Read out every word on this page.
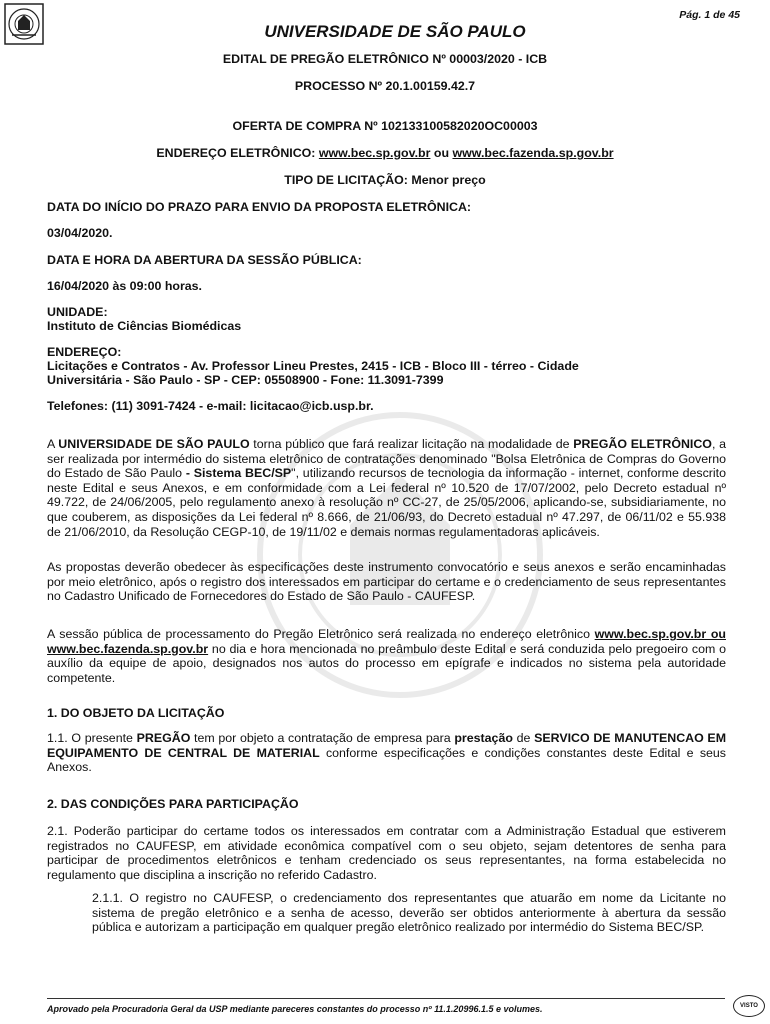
Pág. 1 de 45
UNIVERSIDADE DE SÃO PAULO
EDITAL DE PREGÃO ELETRÔNICO Nº 00003/2020 - ICB
PROCESSO Nº 20.1.00159.42.7
OFERTA DE COMPRA Nº 102133100582020OC00003
ENDEREÇO ELETRÔNICO: www.bec.sp.gov.br ou www.bec.fazenda.sp.gov.br
TIPO DE LICITAÇÃO: Menor preço
DATA DO INÍCIO DO PRAZO PARA ENVIO DA PROPOSTA ELETRÔNICA:
03/04/2020.
DATA E HORA DA ABERTURA DA SESSÃO PÚBLICA:
16/04/2020 às 09:00 horas.
UNIDADE:
Instituto de Ciências Biomédicas
ENDEREÇO:
Licitações e Contratos - Av. Professor Lineu Prestes, 2415 - ICB - Bloco III - térreo - Cidade
Universitária - São Paulo - SP - CEP: 05508900 - Fone: 11.3091-7399
Telefones: (11) 3091-7424 - e-mail: licitacao@icb.usp.br.

A UNIVERSIDADE DE SÃO PAULO torna público que fará realizar licitação na modalidade de PREGÃO ELETRÔNICO, a ser realizada por intermédio do sistema eletrônico de contratações denominado "Bolsa Eletrônica de Compras do Governo do Estado de São Paulo - Sistema BEC/SP", utilizando recursos de tecnologia da informação - internet, conforme descrito neste Edital e seus Anexos, e em conformidade com a Lei federal nº 10.520 de 17/07/2002, pelo Decreto estadual nº 49.722, de 24/06/2005, pelo regulamento anexo à resolução nº CC-27, de 25/05/2006, aplicando-se, subsidiariamente, no que couberem, as disposições da Lei federal nº 8.666, de 21/06/93, do Decreto estadual nº 47.297, de 06/11/02 e 55.938 de 21/06/2010, da Resolução CEGP-10, de 19/11/02 e demais normas regulamentadoras aplicáveis.

As propostas deverão obedecer às especificações deste instrumento convocatório e seus anexos e serão encaminhadas por meio eletrônico, após o registro dos interessados em participar do certame e o credenciamento de seus representantes no Cadastro Unificado de Fornecedores do Estado de São Paulo - CAUFESP.

A sessão pública de processamento do Pregão Eletrônico será realizada no endereço eletrônico www.bec.sp.gov.br ou www.bec.fazenda.sp.gov.br no dia e hora mencionada no preâmbulo deste Edital e será conduzida pelo pregoeiro com o auxílio da equipe de apoio, designados nos autos do processo em epígrafe e indicados no sistema pela autoridade competente.

1. DO OBJETO DA LICITAÇÃO

1.1. O presente PREGÃO tem por objeto a contratação de empresa para prestação de SERVICO DE MANUTENCAO EM EQUIPAMENTO DE CENTRAL DE MATERIAL conforme especificações e condições constantes deste Edital e seus Anexos.

2. DAS CONDIÇÕES PARA PARTICIPAÇÃO
2.1. Poderão participar do certame todos os interessados em contratar com a Administração Estadual que estiverem registrados no CAUFESP, em atividade econômica compatível com o seu objeto, sejam detentores de senha para participar de procedimentos eletrônicos e tenham credenciado os seus representantes, na forma estabelecida no regulamento que disciplina a inscrição no referido Cadastro.
2.1.1. O registro no CAUFESP, o credenciamento dos representantes que atuarão em nome da Licitante no sistema de pregão eletrônico e a senha de acesso, deverão ser obtidos anteriormente à abertura da sessão pública e autorizam a participação em qualquer pregão eletrônico realizado por intermédio do Sistema BEC/SP.
Aprovado pela Procuradoria Geral da USP mediante pareceres constantes do processo nº 11.1.20996.1.5 e volumes.	VISTO
